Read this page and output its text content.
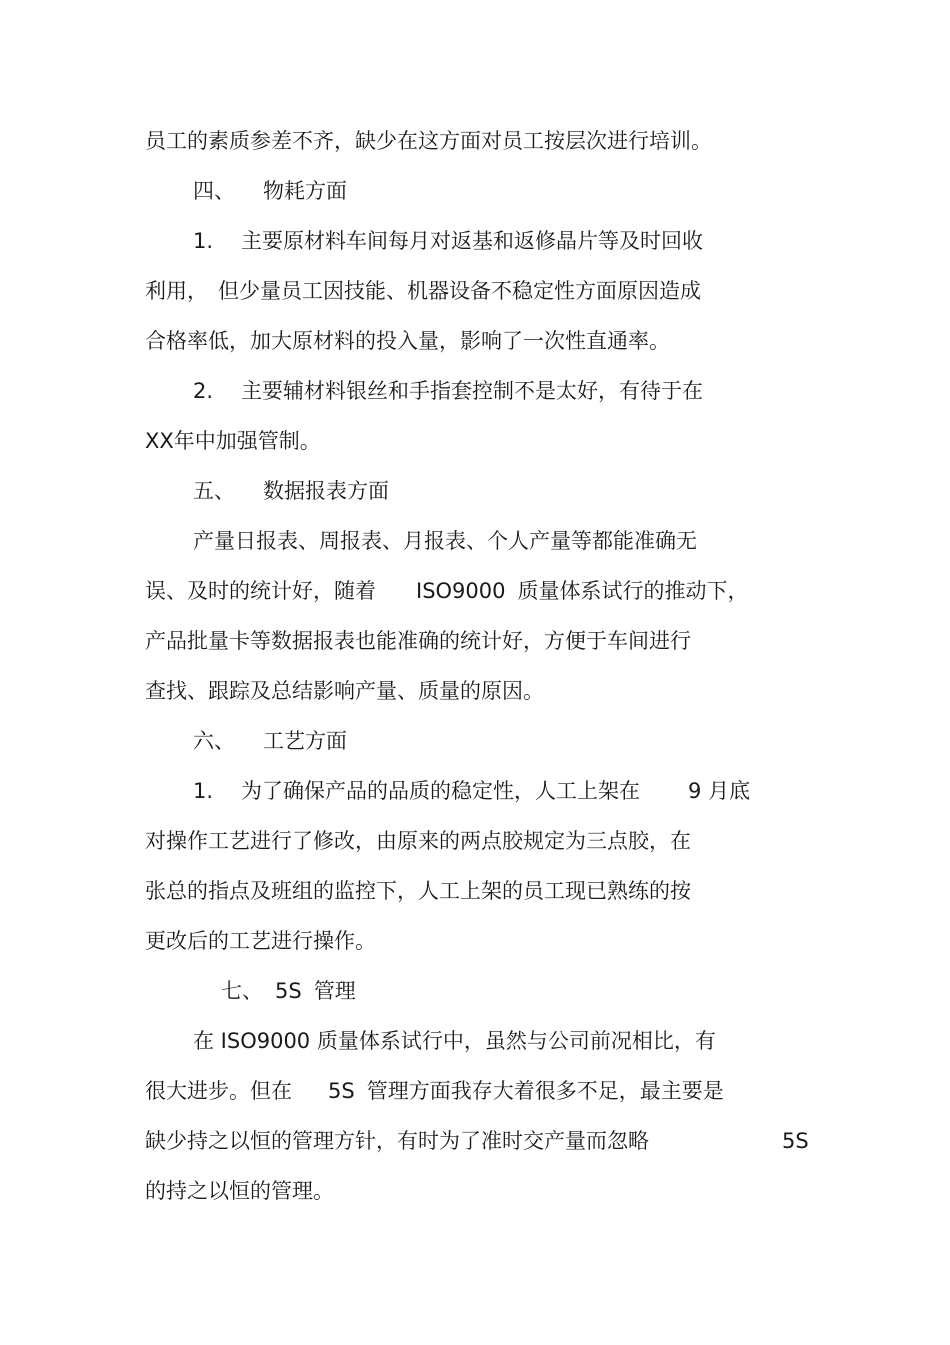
员工的素质参差不齐，缺少在这方面对员工按层次进行培训。
四、 物耗方面
1. 主要原材料车间每月对返基和返修晶片等及时回收
利用， 但少量员工因技能、机器设备不稳定性方面原因造成
合格率低，加大原材料的投入量，影响了一次性直通率。
2. 主要辅材料银丝和手指套控制不是太好，有待于在
XX年中加强管制。
五、 数据报表方面
产量日报表、周报表、月报表、个人产量等都能准确无
误、及时的统计好，随着 ISO9000 质量体系试行的推动下，
产品批量卡等数据报表也能准确的统计好，方便于车间进行
查找、跟踪及总结影响产量、质量的原因。
六、 工艺方面
1. 为了确保产品的品质的稳定性，人工上架在 9 月底
对操作工艺进行了修改，由原来的两点胶规定为三点胶，在
张总的指点及班组的监控下，人工上架的员工现已熟练的按
更改后的工艺进行操作。
七、 5S 管理
在 ISO9000 质量体系试行中，虽然与公司前况相比，有
很大进步。但在 5S 管理方面我存大着很多不足，最主要是
缺少持之以恒的管理方针，有时为了准时交产量而忽略	5S
的持之以恒的管理。
